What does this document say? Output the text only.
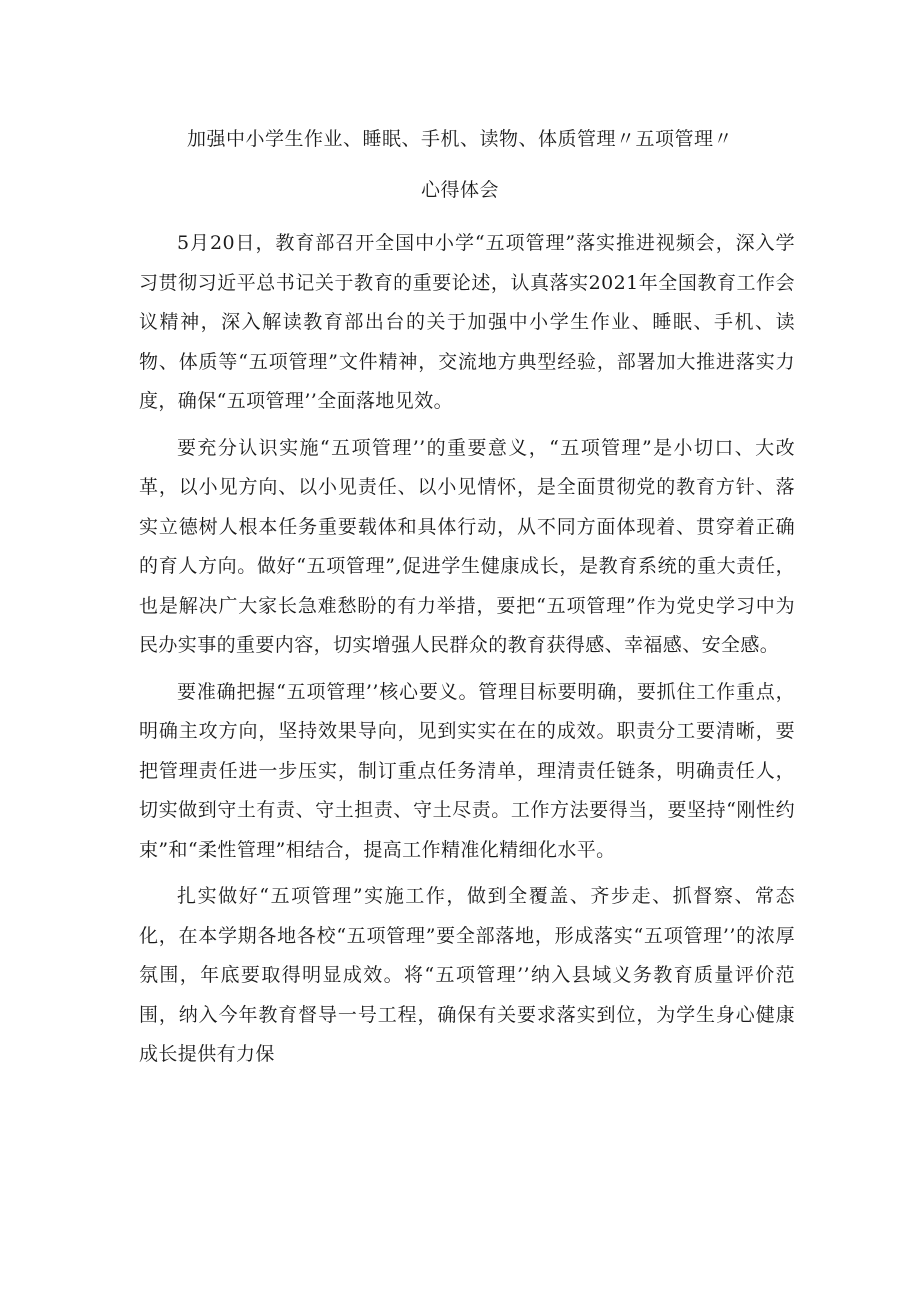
加强中小学生作业、睡眠、手机、读物、体质管理〃五项管理〃
心得体会

5月20日，教育部召开全国中小学“五项管理”落实推进视频会，深入学习贯彻习近平总书记关于教育的重要论述，认真落实2021年全国教育工作会议精神，深入解读教育部出台的关于加强中小学生作业、睡眠、手机、读物、体质等“五项管理”文件精神，交流地方典型经验，部署加大推进落实力度，确保“五项管理’’全面落地见效。

要充分认识实施“五项管理’’的重要意义，“五项管理”是小切口、大改革，以小见方向、以小见责任、以小见情怀，是全面贯彻党的教育方针、落实立德树人根本任务重要载体和具体行动，从不同方面体现着、贯穿着正确的育人方向。做好“五项管理”,促进学生健康成长，是教育系统的重大责任，也是解决广大家长急难愁盼的有力举措，要把“五项管理”作为党史学习中为民办实事的重要内容，切实增强人民群众的教育获得感、幸福感、安全感。

要准确把握“五项管理’’核心要义。管理目标要明确，要抓住工作重点，明确主攻方向，坚持效果导向，见到实实在在的成效。职责分工要清晰，要把管理责任进一步压实，制订重点任务清单，理清责任链条，明确责任人，切实做到守土有责、守土担责、守土尽责。工作方法要得当，要坚持“刚性约束”和“柔性管理”相结合，提高工作精准化精细化水平。

扎实做好“五项管理”实施工作，做到全覆盖、齐步走、抓督察、常态化，在本学期各地各校“五项管理”要全部落地，形成落实“五项管理’’的浓厚氛围，年底要取得明显成效。将“五项管理’’纳入县域义务教育质量评价范围，纳入今年教育督导一号工程，确保有关要求落实到位，为学生身心健康成长提供有力保
